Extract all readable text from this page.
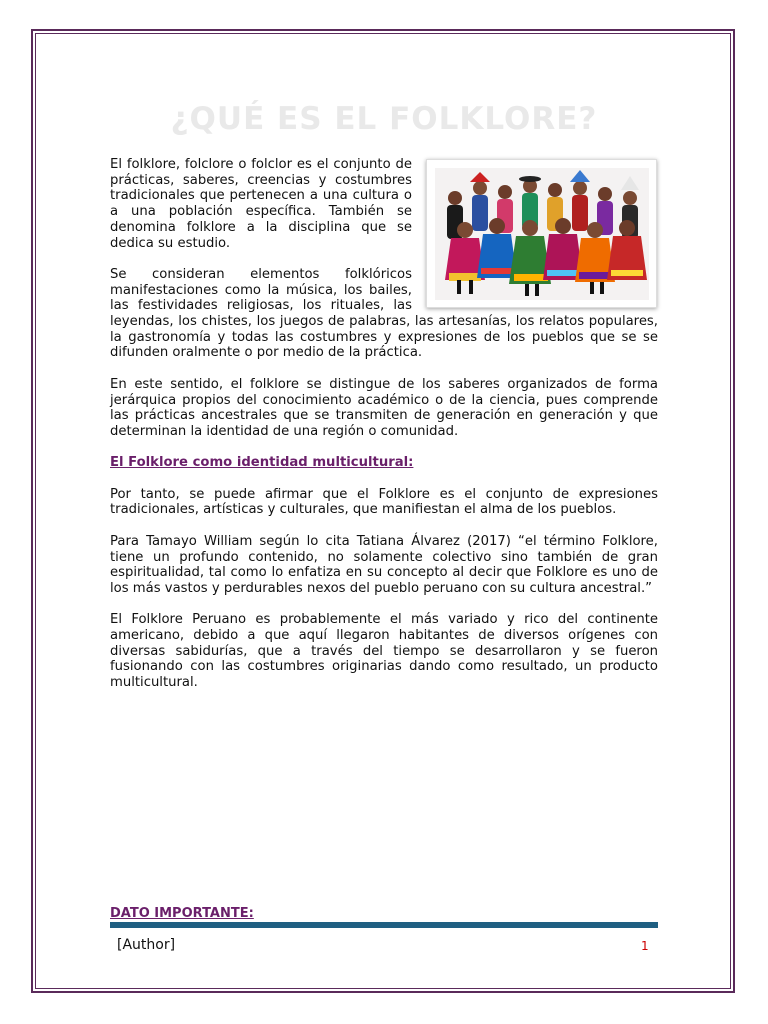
¿QUÉ ES EL FOLKLORE?

El folklore, folclore o folclor es el conjunto de prácticas, saberes, creencias y costumbres tradicionales que pertenecen a una cultura o a una población específica. También se denomina folklore a la disciplina que se dedica su estudio.

Se consideran elementos folklóricos manifestaciones como la música, los bailes, las festividades religiosas, los rituales, las leyendas, los chistes, los juegos de palabras, las artesanías, los relatos populares, la gastronomía y todas las costumbres y expresiones de los pueblos que se se difunden oralmente o por medio de la práctica.

En este sentido, el folklore se distingue de los saberes organizados de forma jerárquica propios del conocimiento académico o de la ciencia, pues comprende las prácticas ancestrales que se transmiten de generación en generación y que determinan la identidad de una región o comunidad.

El Folklore como identidad multicultural:

Por tanto, se puede afirmar que el Folklore es el conjunto de expresiones tradicionales, artísticas y culturales, que manifiestan el alma de los pueblos.

Para Tamayo William según lo cita Tatiana Álvarez (2017) “el término Folklore, tiene un profundo contenido, no solamente colectivo sino también de gran espiritualidad, tal como lo enfatiza en su concepto al decir que Folklore es uno de los más vastos y perdurables nexos del pueblo peruano con su cultura ancestral.”

El Folklore Peruano es probablemente el más variado y rico del continente americano, debido a que aquí llegaron habitantes de diversos orígenes con diversas sabidurías, que a través del tiempo se desarrollaron y se fueron fusionando con las costumbres originarias dando como resultado, un producto multicultural.

DATO IMPORTANTE:
[Author]	1
